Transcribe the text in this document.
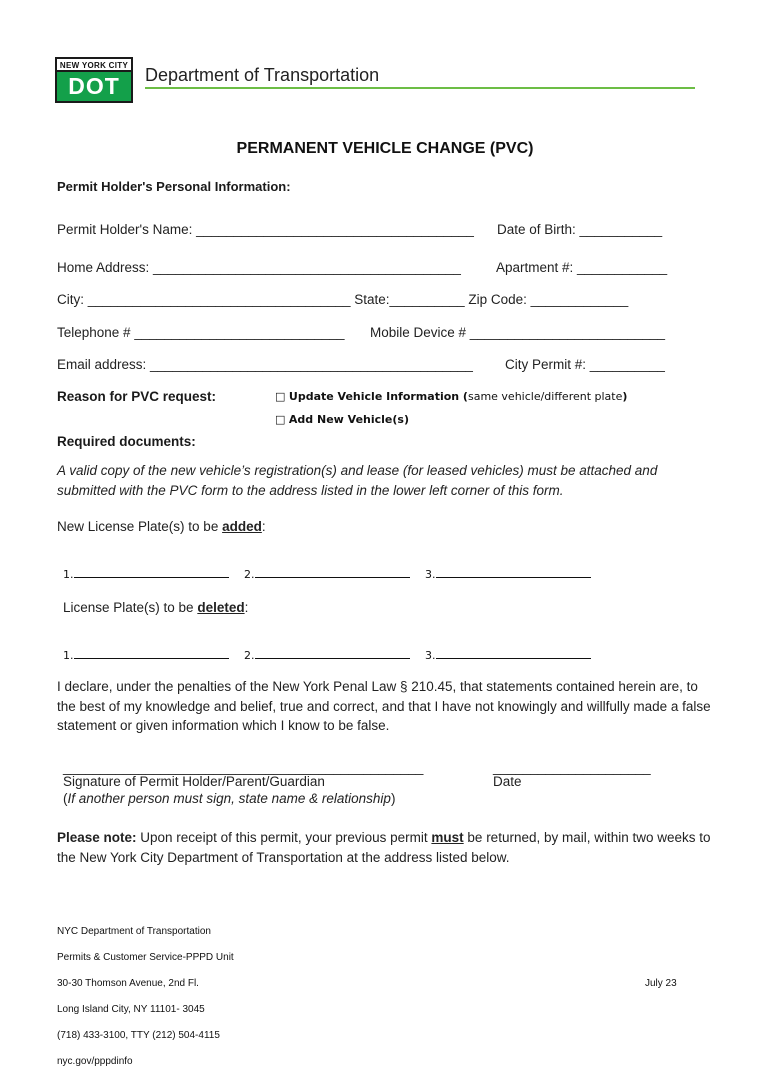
NEW YORK CITY
DOT	Department of Transportation
PERMANENT VEHICLE CHANGE (PVC)
Permit Holder's Personal Information:
Permit Holder's Name: _____________________________________ Date of Birth: ___________
Home Address: _________________________________________	Apartment #: ____________
City: ___________________________________ State:__________ Zip Code: _____________
Telephone # ____________________________ Mobile Device # __________________________
Email address: ___________________________________________ City Permit #: __________
Reason for PVC request:	□ Update Vehicle Information (same vehicle/different plate)
□ Add New Vehicle(s)
Required documents:
A valid copy of the new vehicle’s registration(s) and lease (for leased vehicles) must be attached and
submitted with the PVC form to the address listed in the lower left corner of this form.
New License Plate(s) to be added:
1.	2.	3.
License Plate(s) to be deleted:
1.	2.	3.
I declare, under the penalties of the New York Penal Law § 210.45, that statements contained herein are, to the best of my knowledge and belief, true and correct, and that I have not knowingly and willfully made a false statement or given information which I know to be false.
________________________________________________
Signature of Permit Holder/Parent/Guardian
(If another person must sign, state name & relationship)
_____________________
Date
Please note: Upon receipt of this permit, your previous permit must be returned, by mail, within two weeks to the New York City Department of Transportation at the address listed below.

NYC Department of Transportation

Permits & Customer Service-PPPD Unit

30-30 Thomson Avenue, 2nd Fl.

Long Island City, NY 11101- 3045

(718) 433-3100, TTY (212) 504-4115

nyc.gov/pppdinfo

July 23
